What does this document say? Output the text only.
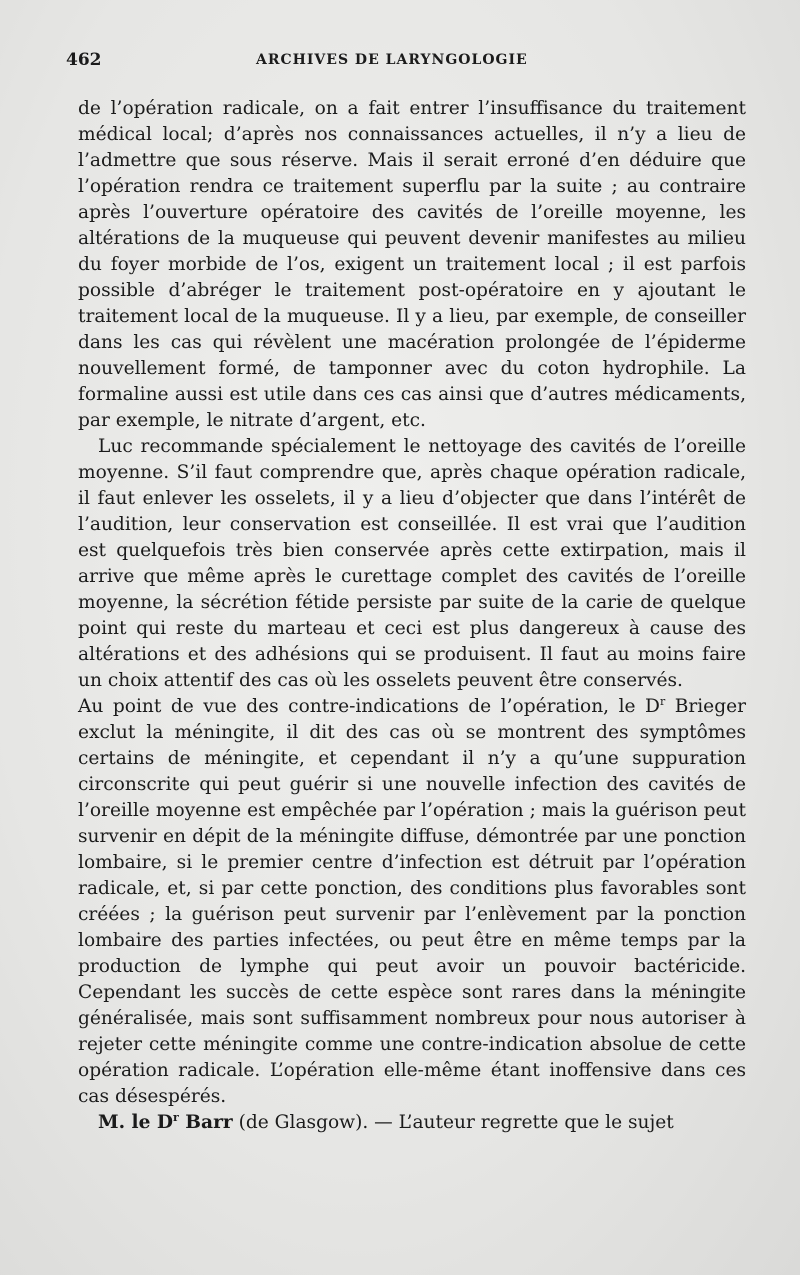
462	ARCHIVES DE LARYNGOLOGIE

de l’opération radicale, on a fait entrer l’insuffisance du traitement médical local; d’après nos connaissances actuelles, il n’y a lieu de l’admettre que sous réserve. Mais il serait erroné d’en déduire que l’opération rendra ce traitement superflu par la suite ; au contraire après l’ouverture opératoire des cavités de l’oreille moyenne, les altérations de la muqueuse qui peuvent devenir manifestes au milieu du foyer morbide de l’os, exigent un traitement local ; il est parfois possible d’abréger le traitement post-opératoire en y ajoutant le traitement local de la muqueuse. Il y a lieu, par exemple, de conseiller dans les cas qui révèlent une macération prolongée de l’épiderme nouvellement formé, de tamponner avec du coton hydrophile. La formaline aussi est utile dans ces cas ainsi que d’autres médicaments, par exemple, le nitrate d’argent, etc.

Luc recommande spécialement le nettoyage des cavités de l’oreille moyenne. S’il faut comprendre que, après chaque opération radicale, il faut enlever les osselets, il y a lieu d’objecter que dans l’intérêt de l’audition, leur conservation est conseillée. Il est vrai que l’audition est quelquefois très bien conservée après cette extirpation, mais il arrive que même après le curettage complet des cavités de l’oreille moyenne, la sécrétion fétide persiste par suite de la carie de quelque point qui reste du marteau et ceci est plus dangereux à cause des altérations et des adhésions qui se produisent. Il faut au moins faire un choix attentif des cas où les osselets peuvent être conservés.

Au point de vue des contre-indications de l’opération, le $D^r$ Brieger exclut la méningite, il dit des cas où se montrent des symptômes certains de méningite, et cependant il n’y a qu’une suppuration circonscrite qui peut guérir si une nouvelle infection des cavités de l’oreille moyenne est empêchée par l’opération ; mais la guérison peut survenir en dépit de la méningite diffuse, démontrée par une ponction lombaire, si le premier centre d’infection est détruit par l’opération radicale, et, si par cette ponction, des conditions plus favorables sont créées ; la guérison peut survenir par l’enlèvement par la ponction lombaire des parties infectées, ou peut être en même temps par la production de lymphe qui peut avoir un pouvoir bactéricide. Cependant les succès de cette espèce sont rares dans la méningite généralisée, mais sont suffisamment nombreux pour nous autoriser à rejeter cette méningite comme une contre-indication absolue de cette opération radicale. L’opération elle-même étant inoffensive dans ces cas désespérés.

M. le $D^r$ Barr (de Glasgow). — L’auteur regrette que le sujet
